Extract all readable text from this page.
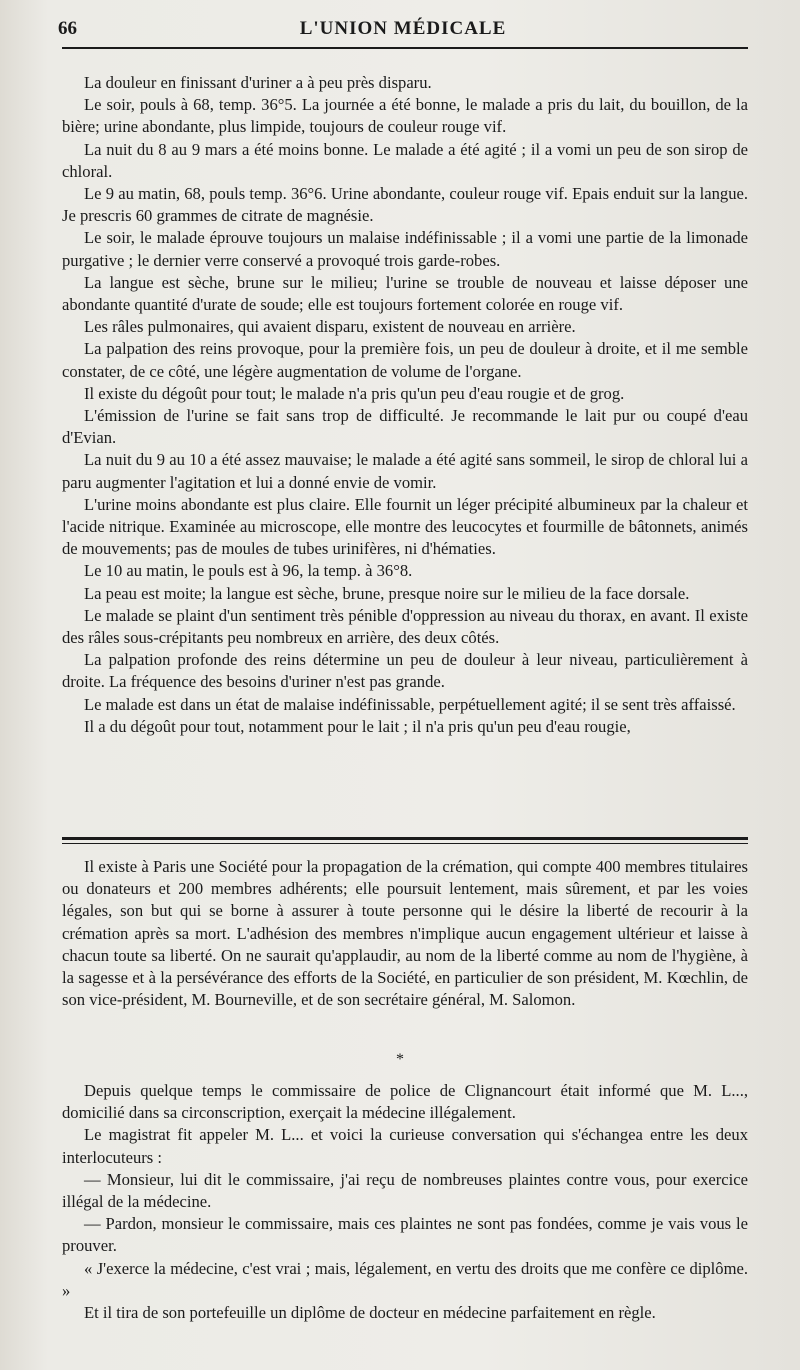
66	L'UNION MÉDICALE

La douleur en finissant d'uriner a à peu près disparu.

Le soir, pouls à 68, temp. 36°5. La journée a été bonne, le malade a pris du lait, du bouillon, de la bière; urine abondante, plus limpide, toujours de couleur rouge vif.

La nuit du 8 au 9 mars a été moins bonne. Le malade a été agité ; il a vomi un peu de son sirop de chloral.

Le 9 au matin, 68, pouls temp. 36°6. Urine abondante, couleur rouge vif. Epais enduit sur la langue. Je prescris 60 grammes de citrate de magnésie.

Le soir, le malade éprouve toujours un malaise indéfinissable ; il a vomi une partie de la limonade purgative ; le dernier verre conservé a provoqué trois garde-robes.

La langue est sèche, brune sur le milieu; l'urine se trouble de nouveau et laisse déposer une abondante quantité d'urate de soude; elle est toujours fortement colorée en rouge vif.

Les râles pulmonaires, qui avaient disparu, existent de nouveau en arrière.

La palpation des reins provoque, pour la première fois, un peu de douleur à droite, et il me semble constater, de ce côté, une légère augmentation de volume de l'organe.

Il existe du dégoût pour tout; le malade n'a pris qu'un peu d'eau rougie et de grog.

L'émission de l'urine se fait sans trop de difficulté. Je recommande le lait pur ou coupé d'eau d'Evian.

La nuit du 9 au 10 a été assez mauvaise; le malade a été agité sans sommeil, le sirop de chloral lui a paru augmenter l'agitation et lui a donné envie de vomir.

L'urine moins abondante est plus claire. Elle fournit un léger précipité albumineux par la chaleur et l'acide nitrique. Examinée au microscope, elle montre des leucocytes et fourmille de bâtonnets, animés de mouvements; pas de moules de tubes urinifères, ni d'hématies.

Le 10 au matin, le pouls est à 96, la temp. à 36°8.

La peau est moite; la langue est sèche, brune, presque noire sur le milieu de la face dorsale.

Le malade se plaint d'un sentiment très pénible d'oppression au niveau du thorax, en avant. Il existe des râles sous-crépitants peu nombreux en arrière, des deux côtés.

La palpation profonde des reins détermine un peu de douleur à leur niveau, particulièrement à droite. La fréquence des besoins d'uriner n'est pas grande.

Le malade est dans un état de malaise indéfinissable, perpétuellement agité; il se sent très affaissé.

Il a du dégoût pour tout, notamment pour le lait ; il n'a pris qu'un peu d'eau rougie,

Il existe à Paris une Société pour la propagation de la crémation, qui compte 400 membres titulaires ou donateurs et 200 membres adhérents; elle poursuit lentement, mais sûrement, et par les voies légales, son but qui se borne à assurer à toute personne qui le désire la liberté de recourir à la crémation après sa mort. L'adhésion des membres n'implique aucun engagement ultérieur et laisse à chacun toute sa liberté. On ne saurait qu'applaudir, au nom de la liberté comme au nom de l'hygiène, à la sagesse et à la persévérance des efforts de la Société, en particulier de son président, M. Kœchlin, de son vice-président, M. Bourneville, et de son secrétaire général, M. Salomon.

*

Depuis quelque temps le commissaire de police de Clignancourt était informé que M. L..., domicilié dans sa circonscription, exerçait la médecine illégalement.

Le magistrat fit appeler M. L... et voici la curieuse conversation qui s'échangea entre les deux interlocuteurs :

— Monsieur, lui dit le commissaire, j'ai reçu de nombreuses plaintes contre vous, pour exercice illégal de la médecine.

— Pardon, monsieur le commissaire, mais ces plaintes ne sont pas fondées, comme je vais vous le prouver.

« J'exerce la médecine, c'est vrai ; mais, légalement, en vertu des droits que me confère ce diplôme. »

Et il tira de son portefeuille un diplôme de docteur en médecine parfaitement en règle.
